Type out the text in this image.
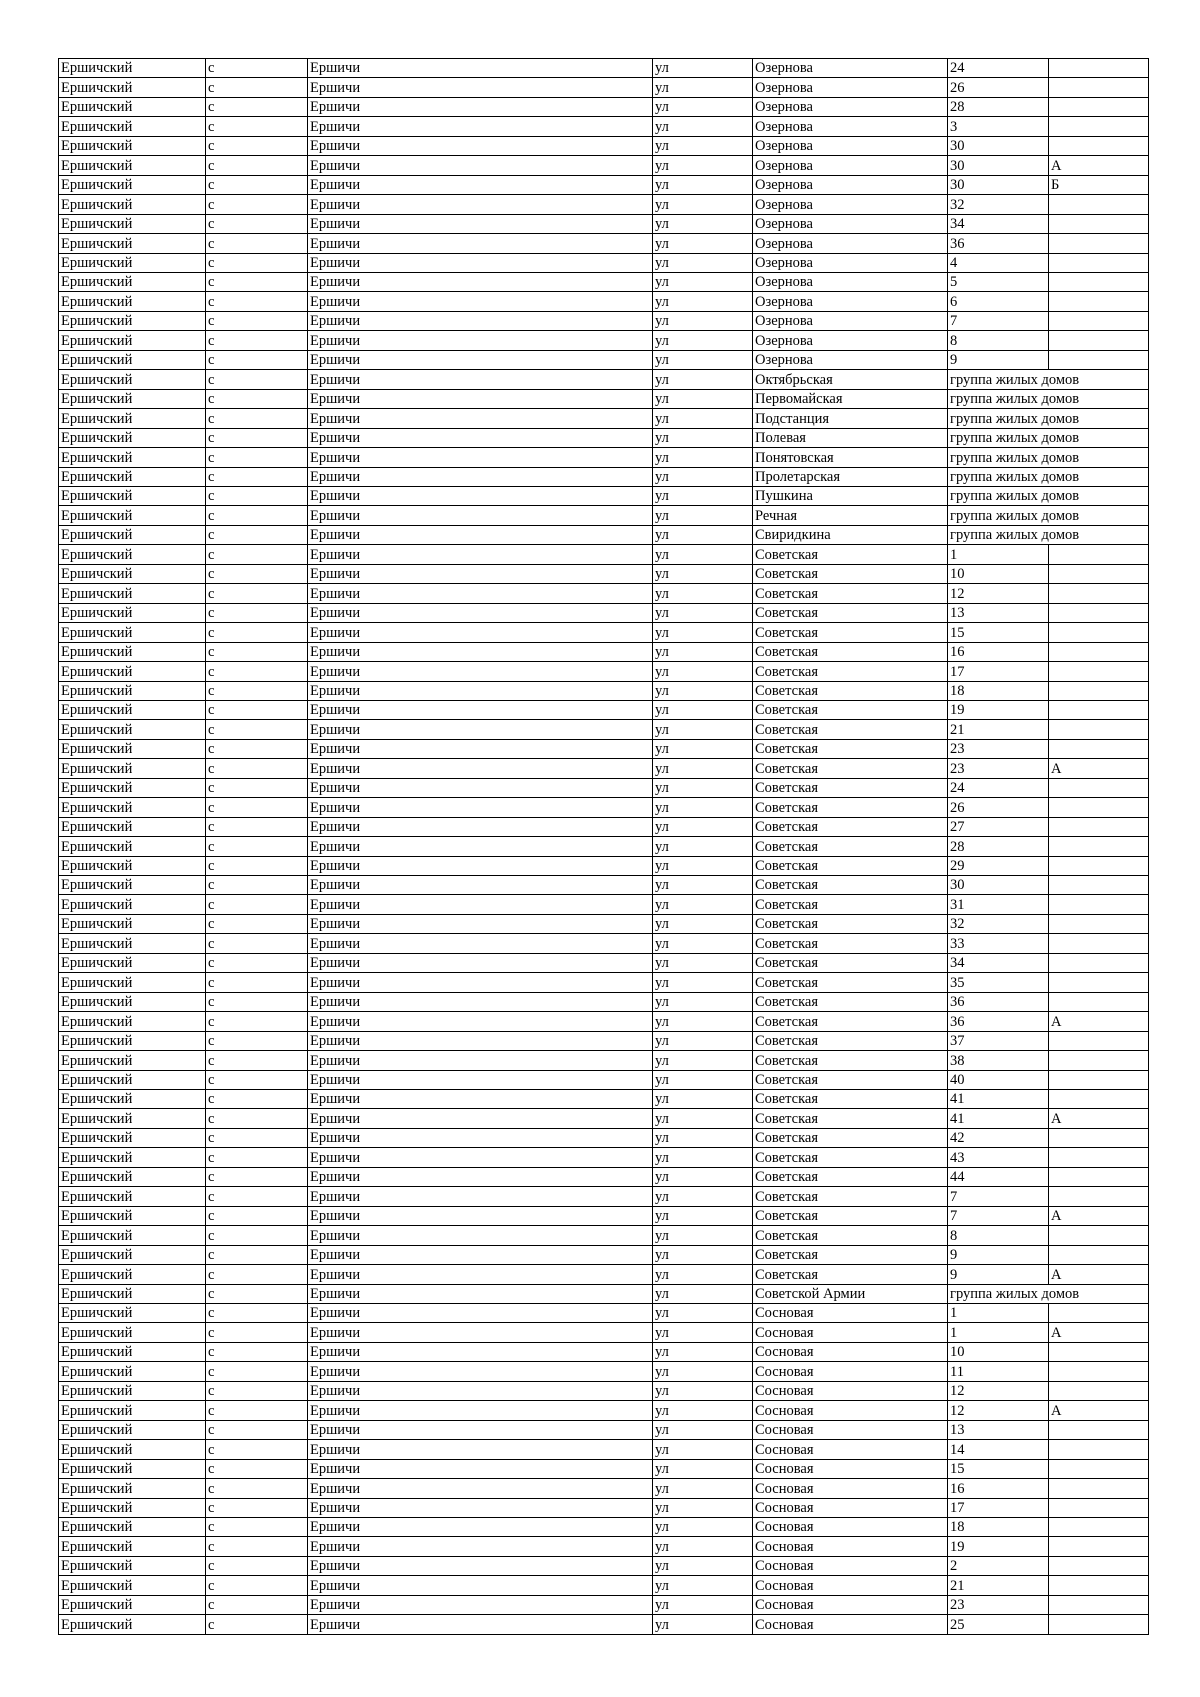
Ершичский	с	Ершичи	ул	Озернова	24	
Ершичский	с	Ершичи	ул	Озернова	26	
Ершичский	с	Ершичи	ул	Озернова	28	
Ершичский	с	Ершичи	ул	Озернова	3	
Ершичский	с	Ершичи	ул	Озернова	30	
Ершичский	с	Ершичи	ул	Озернова	30	А
Ершичский	с	Ершичи	ул	Озернова	30	Б
Ершичский	с	Ершичи	ул	Озернова	32	
Ершичский	с	Ершичи	ул	Озернова	34	
Ершичский	с	Ершичи	ул	Озернова	36	
Ершичский	с	Ершичи	ул	Озернова	4	
Ершичский	с	Ершичи	ул	Озернова	5	
Ершичский	с	Ершичи	ул	Озернова	6	
Ершичский	с	Ершичи	ул	Озернова	7	
Ершичский	с	Ершичи	ул	Озернова	8	
Ершичский	с	Ершичи	ул	Озернова	9	
Ершичский	с	Ершичи	ул	Октябрьская	группа жилых домов	
Ершичский	с	Ершичи	ул	Первомайская	группа жилых домов	
Ершичский	с	Ершичи	ул	Подстанция	группа жилых домов	
Ершичский	с	Ершичи	ул	Полевая	группа жилых домов	
Ершичский	с	Ершичи	ул	Понятовская	группа жилых домов	
Ершичский	с	Ершичи	ул	Пролетарская	группа жилых домов	
Ершичский	с	Ершичи	ул	Пушкина	группа жилых домов	
Ершичский	с	Ершичи	ул	Речная	группа жилых домов	
Ершичский	с	Ершичи	ул	Свиридкина	группа жилых домов	
Ершичский	с	Ершичи	ул	Советская	1	
Ершичский	с	Ершичи	ул	Советская	10	
Ершичский	с	Ершичи	ул	Советская	12	
Ершичский	с	Ершичи	ул	Советская	13	
Ершичский	с	Ершичи	ул	Советская	15	
Ершичский	с	Ершичи	ул	Советская	16	
Ершичский	с	Ершичи	ул	Советская	17	
Ершичский	с	Ершичи	ул	Советская	18	
Ершичский	с	Ершичи	ул	Советская	19	
Ершичский	с	Ершичи	ул	Советская	21	
Ершичский	с	Ершичи	ул	Советская	23	
Ершичский	с	Ершичи	ул	Советская	23	А
Ершичский	с	Ершичи	ул	Советская	24	
Ершичский	с	Ершичи	ул	Советская	26	
Ершичский	с	Ершичи	ул	Советская	27	
Ершичский	с	Ершичи	ул	Советская	28	
Ершичский	с	Ершичи	ул	Советская	29	
Ершичский	с	Ершичи	ул	Советская	30	
Ершичский	с	Ершичи	ул	Советская	31	
Ершичский	с	Ершичи	ул	Советская	32	
Ершичский	с	Ершичи	ул	Советская	33	
Ершичский	с	Ершичи	ул	Советская	34	
Ершичский	с	Ершичи	ул	Советская	35	
Ершичский	с	Ершичи	ул	Советская	36	
Ершичский	с	Ершичи	ул	Советская	36	А
Ершичский	с	Ершичи	ул	Советская	37	
Ершичский	с	Ершичи	ул	Советская	38	
Ершичский	с	Ершичи	ул	Советская	40	
Ершичский	с	Ершичи	ул	Советская	41	
Ершичский	с	Ершичи	ул	Советская	41	А
Ершичский	с	Ершичи	ул	Советская	42	
Ершичский	с	Ершичи	ул	Советская	43	
Ершичский	с	Ершичи	ул	Советская	44	
Ершичский	с	Ершичи	ул	Советская	7	
Ершичский	с	Ершичи	ул	Советская	7	А
Ершичский	с	Ершичи	ул	Советская	8	
Ершичский	с	Ершичи	ул	Советская	9	
Ершичский	с	Ершичи	ул	Советская	9	А
Ершичский	с	Ершичи	ул	Советской Армии	группа жилых домов	
Ершичский	с	Ершичи	ул	Сосновая	1	
Ершичский	с	Ершичи	ул	Сосновая	1	А
Ершичский	с	Ершичи	ул	Сосновая	10	
Ершичский	с	Ершичи	ул	Сосновая	11	
Ершичский	с	Ершичи	ул	Сосновая	12	
Ершичский	с	Ершичи	ул	Сосновая	12	А
Ершичский	с	Ершичи	ул	Сосновая	13	
Ершичский	с	Ершичи	ул	Сосновая	14	
Ершичский	с	Ершичи	ул	Сосновая	15	
Ершичский	с	Ершичи	ул	Сосновая	16	
Ершичский	с	Ершичи	ул	Сосновая	17	
Ершичский	с	Ершичи	ул	Сосновая	18	
Ершичский	с	Ершичи	ул	Сосновая	19	
Ершичский	с	Ершичи	ул	Сосновая	2	
Ершичский	с	Ершичи	ул	Сосновая	21	
Ершичский	с	Ершичи	ул	Сосновая	23	
Ершичский	с	Ершичи	ул	Сосновая	25	
